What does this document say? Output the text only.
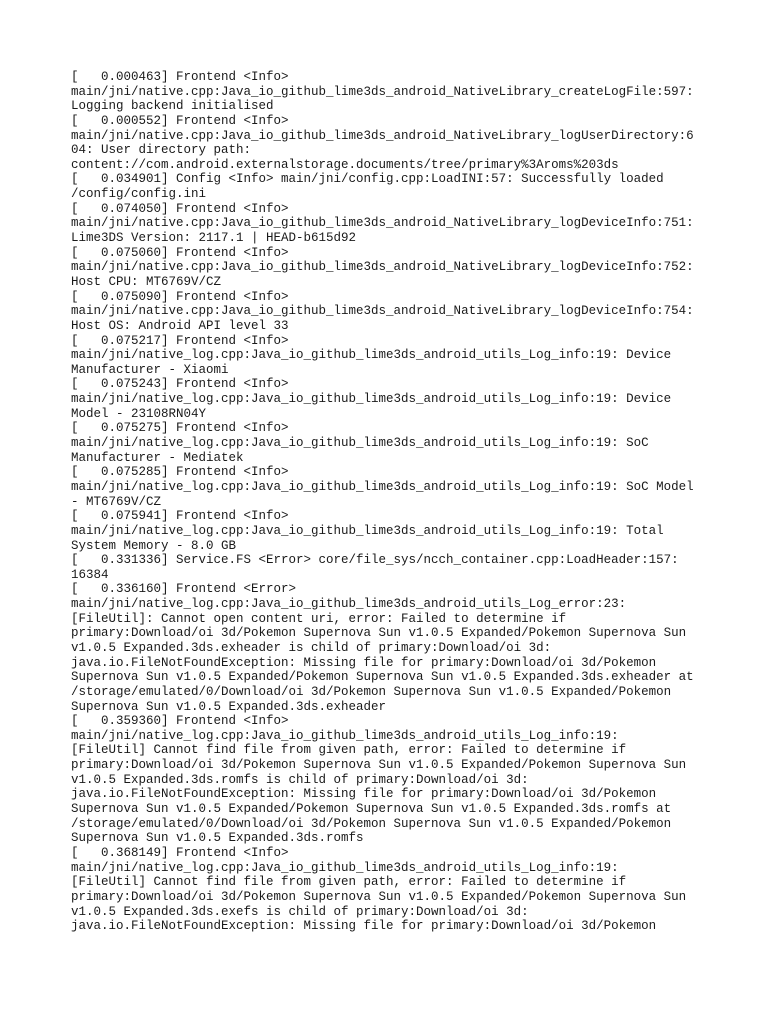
[   0.000463] Frontend <Info>
main/jni/native.cpp:Java_io_github_lime3ds_android_NativeLibrary_createLogFile:597:
Logging backend initialised
[   0.000552] Frontend <Info>
main/jni/native.cpp:Java_io_github_lime3ds_android_NativeLibrary_logUserDirectory:6
04: User directory path:
content://com.android.externalstorage.documents/tree/primary%3Aroms%203ds
[   0.034901] Config <Info> main/jni/config.cpp:LoadINI:57: Successfully loaded
/config/config.ini
[   0.074050] Frontend <Info>
main/jni/native.cpp:Java_io_github_lime3ds_android_NativeLibrary_logDeviceInfo:751:
Lime3DS Version: 2117.1 | HEAD-b615d92
[   0.075060] Frontend <Info>
main/jni/native.cpp:Java_io_github_lime3ds_android_NativeLibrary_logDeviceInfo:752:
Host CPU: MT6769V/CZ
[   0.075090] Frontend <Info>
main/jni/native.cpp:Java_io_github_lime3ds_android_NativeLibrary_logDeviceInfo:754:
Host OS: Android API level 33
[   0.075217] Frontend <Info>
main/jni/native_log.cpp:Java_io_github_lime3ds_android_utils_Log_info:19: Device
Manufacturer - Xiaomi
[   0.075243] Frontend <Info>
main/jni/native_log.cpp:Java_io_github_lime3ds_android_utils_Log_info:19: Device
Model - 23108RN04Y
[   0.075275] Frontend <Info>
main/jni/native_log.cpp:Java_io_github_lime3ds_android_utils_Log_info:19: SoC
Manufacturer - Mediatek
[   0.075285] Frontend <Info>
main/jni/native_log.cpp:Java_io_github_lime3ds_android_utils_Log_info:19: SoC Model
- MT6769V/CZ
[   0.075941] Frontend <Info>
main/jni/native_log.cpp:Java_io_github_lime3ds_android_utils_Log_info:19: Total
System Memory - 8.0 GB
[   0.331336] Service.FS <Error> core/file_sys/ncch_container.cpp:LoadHeader:157:
16384
[   0.336160] Frontend <Error>
main/jni/native_log.cpp:Java_io_github_lime3ds_android_utils_Log_error:23:
[FileUtil]: Cannot open content uri, error: Failed to determine if
primary:Download/oi 3d/Pokemon Supernova Sun v1.0.5 Expanded/Pokemon Supernova Sun
v1.0.5 Expanded.3ds.exheader is child of primary:Download/oi 3d:
java.io.FileNotFoundException: Missing file for primary:Download/oi 3d/Pokemon
Supernova Sun v1.0.5 Expanded/Pokemon Supernova Sun v1.0.5 Expanded.3ds.exheader at
/storage/emulated/0/Download/oi 3d/Pokemon Supernova Sun v1.0.5 Expanded/Pokemon
Supernova Sun v1.0.5 Expanded.3ds.exheader
[   0.359360] Frontend <Info>
main/jni/native_log.cpp:Java_io_github_lime3ds_android_utils_Log_info:19:
[FileUtil] Cannot find file from given path, error: Failed to determine if
primary:Download/oi 3d/Pokemon Supernova Sun v1.0.5 Expanded/Pokemon Supernova Sun
v1.0.5 Expanded.3ds.romfs is child of primary:Download/oi 3d:
java.io.FileNotFoundException: Missing file for primary:Download/oi 3d/Pokemon
Supernova Sun v1.0.5 Expanded/Pokemon Supernova Sun v1.0.5 Expanded.3ds.romfs at
/storage/emulated/0/Download/oi 3d/Pokemon Supernova Sun v1.0.5 Expanded/Pokemon
Supernova Sun v1.0.5 Expanded.3ds.romfs
[   0.368149] Frontend <Info>
main/jni/native_log.cpp:Java_io_github_lime3ds_android_utils_Log_info:19:
[FileUtil] Cannot find file from given path, error: Failed to determine if
primary:Download/oi 3d/Pokemon Supernova Sun v1.0.5 Expanded/Pokemon Supernova Sun
v1.0.5 Expanded.3ds.exefs is child of primary:Download/oi 3d:
java.io.FileNotFoundException: Missing file for primary:Download/oi 3d/Pokemon
